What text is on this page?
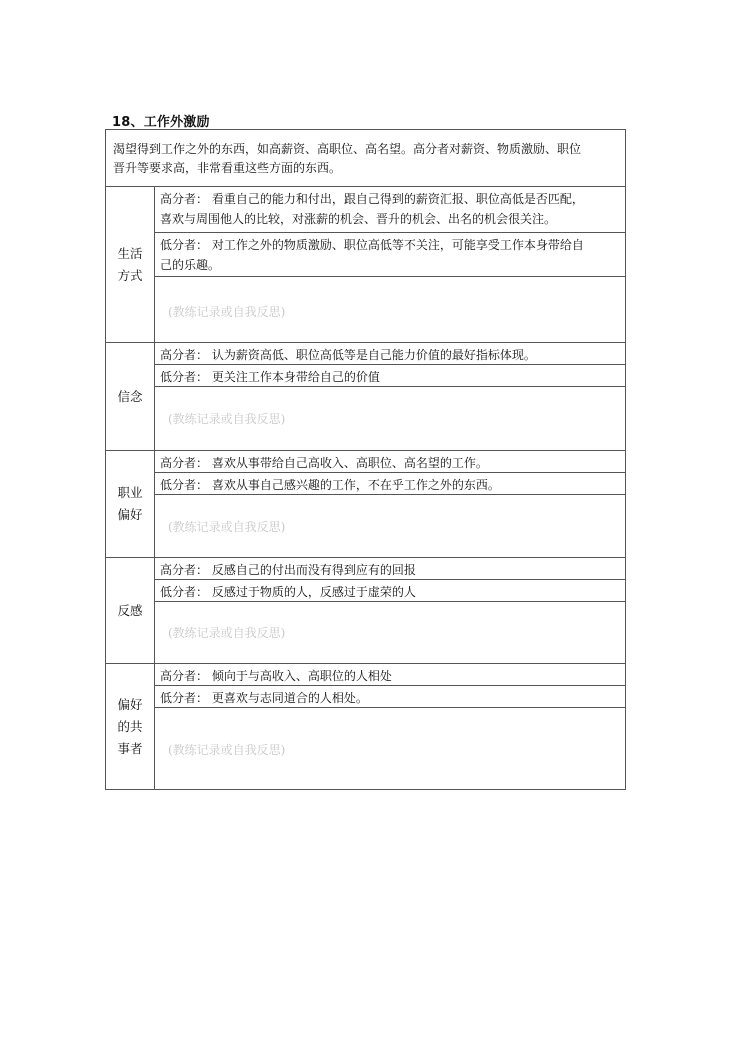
18、工作外激励
渴望得到工作之外的东西，如高薪资、高职位、高名望。高分者对薪资、物质激励、职位
晋升等要求高，非常看重这些方面的东西。
生活
方式
高分者： 看重自己的能力和付出，跟自己得到的薪资汇报、职位高低是否匹配，
喜欢与周围他人的比较，对涨薪的机会、晋升的机会、出名的机会很关注。
低分者： 对工作之外的物质激励、职位高低等不关注，可能享受工作本身带给自
己的乐趣。
(教练记录或自我反思)
信念
高分者： 认为薪资高低、职位高低等是自己能力价值的最好指标体现。
低分者： 更关注工作本身带给自己的价值
(教练记录或自我反思)
职业
偏好
高分者： 喜欢从事带给自己高收入、高职位、高名望的工作。
低分者： 喜欢从事自己感兴趣的工作，不在乎工作之外的东西。
(教练记录或自我反思)
反感
高分者： 反感自己的付出而没有得到应有的回报
低分者： 反感过于物质的人，反感过于虚荣的人
(教练记录或自我反思)
偏好
的共
事者
高分者： 倾向于与高收入、高职位的人相处
低分者： 更喜欢与志同道合的人相处。
(教练记录或自我反思)
